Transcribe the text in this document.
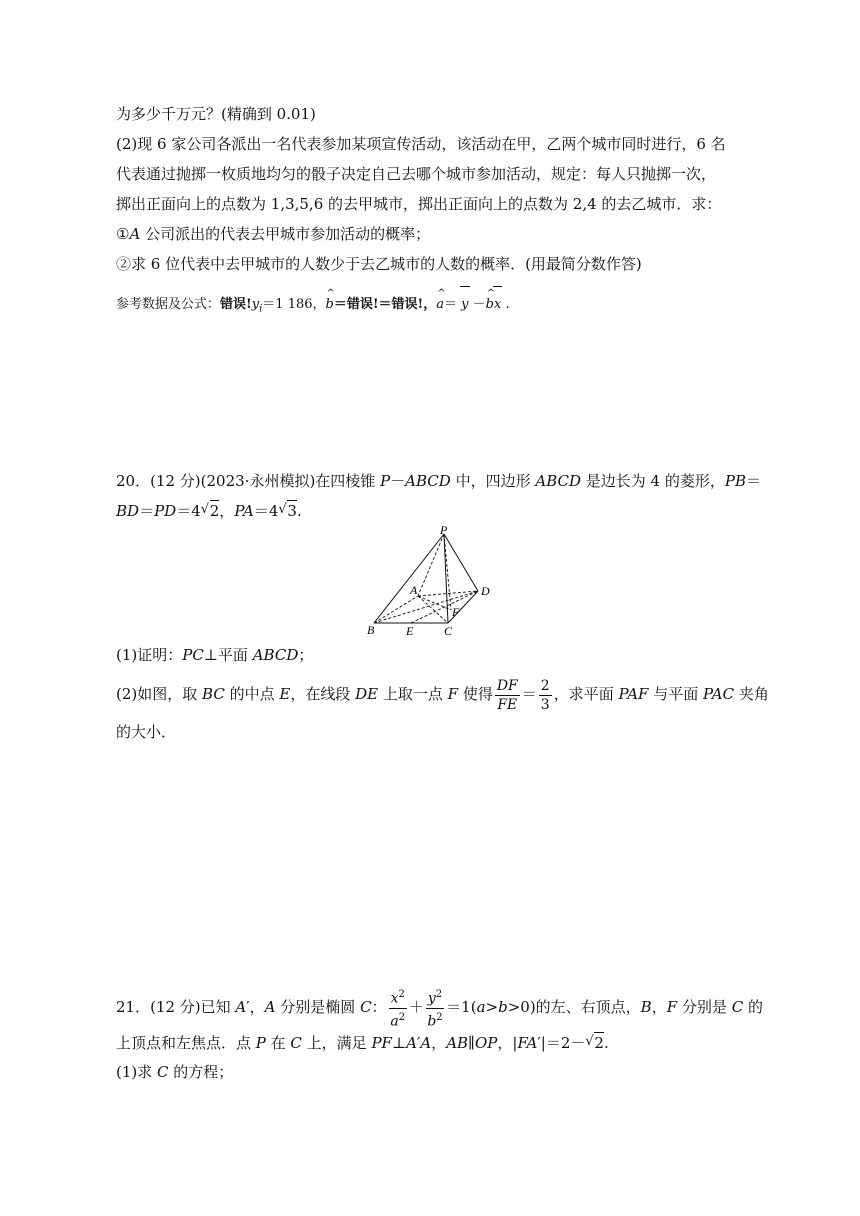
为多少千万元？(精确到 0.01)
(2)现 6 家公司各派出一名代表参加某项宣传活动，该活动在甲，乙两个城市同时进行，6 名
代表通过抛掷一枚质地均匀的骰子决定自己去哪个城市参加活动，规定：每人只抛掷一次，
掷出正面向上的点数为 1,3,5,6 的去甲城市，掷出正面向上的点数为 2,4 的去乙城市．求：
①A 公司派出的代表去甲城市参加活动的概率；
②求 6 位代表中去甲城市的人数少于去乙城市的人数的概率．(用最简分数作答)
参考数据及公式：错误$!y_i=1$ 186，^ b＝错误!＝错误!，^ a＝ y －^ bx .
20．(12 分)(2023·永州模拟)在四棱锥 P－ABCD 中，四边形 ABCD 是边长为 4 的菱形，PB＝
BD＝PD＝4 √ 2，PA＝4 √ 3.
P
A
B	C
D
E
F
(1)证明：PC⊥平面 ABCD；
(2)如图，取 BC 的中点 E，在线段 DE 上取一点 F 使得 $\frac{DF}{FE} = \frac{2}{3}$ ，求平面 PAF 与平面 PAC 夹角
的大小．
21．(12 分)已知 A′，A 分别是椭圆 C： $\frac{x^2}{a^2} + \frac{y^2}{b^2} =1(a>b>0)$的左、右顶点，B，F 分别是 C 的
上顶点和左焦点．点 P 在 C 上，满足 PF⊥A′A，AB∥OP，|FA′|＝2－ √ 2.
(1)求 C 的方程；
